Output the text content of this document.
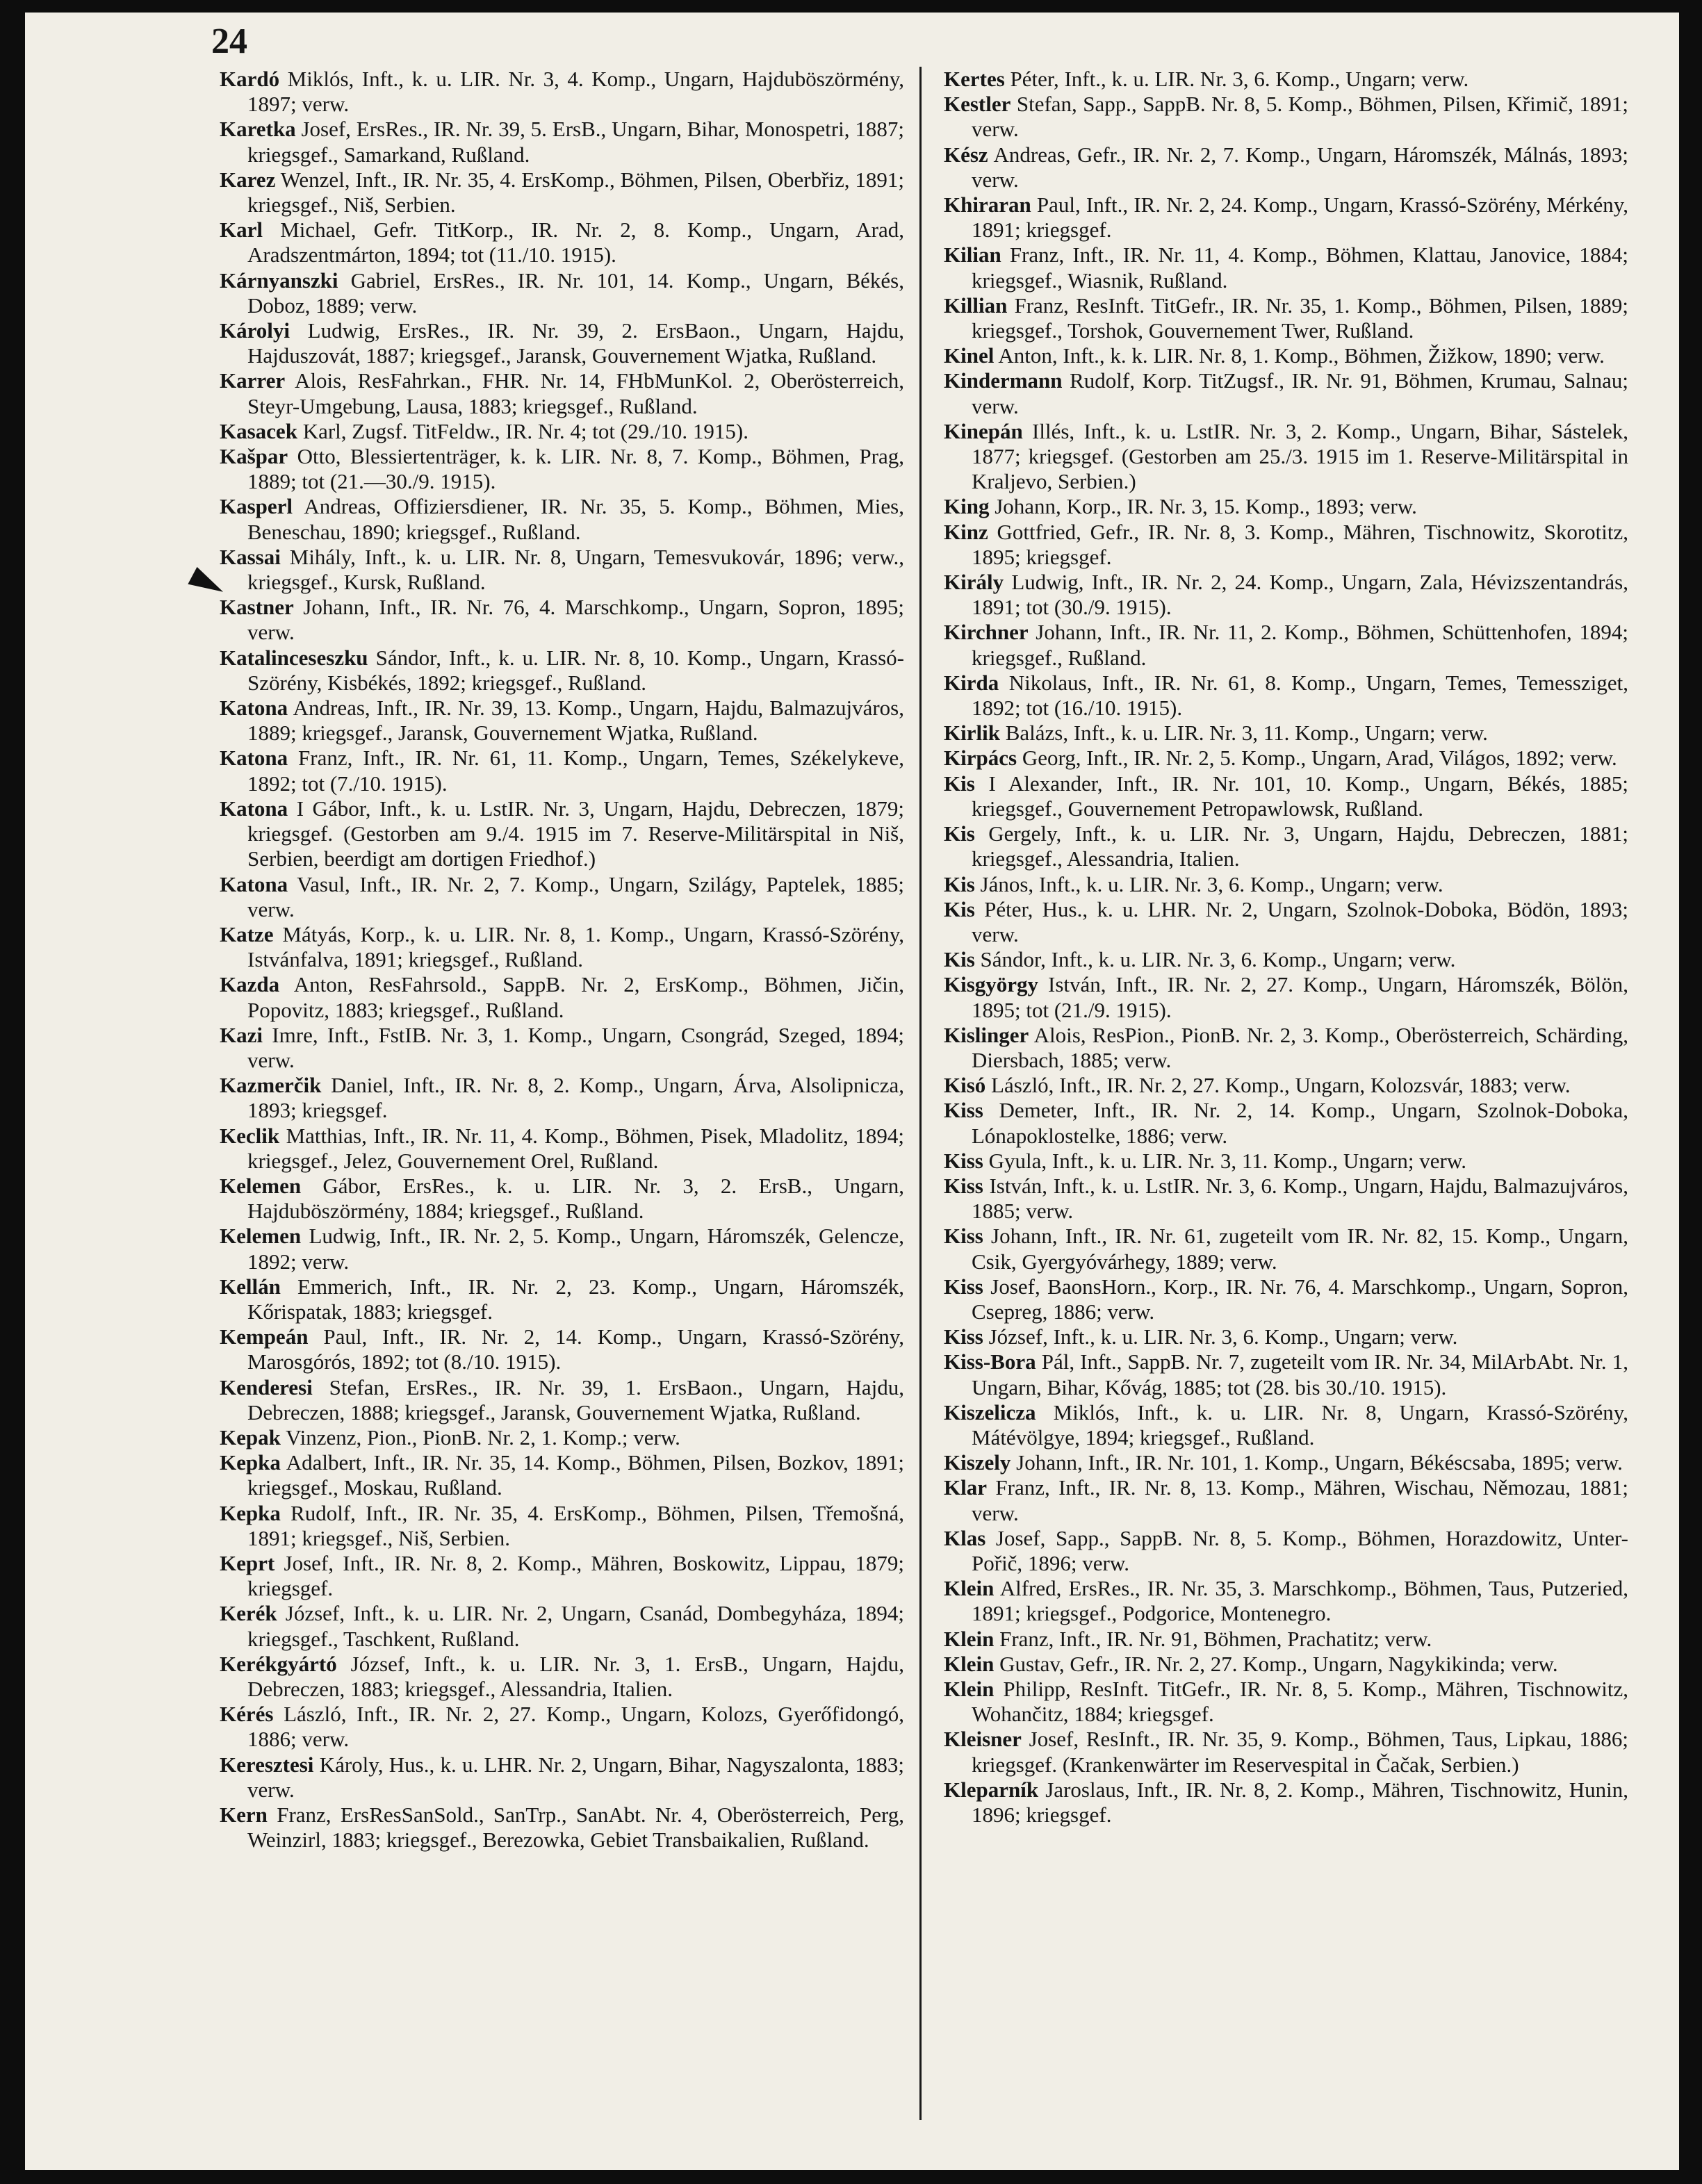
24

Kardó Miklós, Inft., k. u. LIR. Nr. 3, 4. Komp., Ungarn, Hajduböszörmény, 1897; verw.

Karetka Josef, ErsRes., IR. Nr. 39, 5. ErsB., Ungarn, Bihar, Monospetri, 1887; kriegsgef., Samarkand, Rußland.

Karez Wenzel, Inft., IR. Nr. 35, 4. ErsKomp., Böhmen, Pilsen, Oberbřiz, 1891; kriegsgef., Niš, Serbien.

Karl Michael, Gefr. TitKorp., IR. Nr. 2, 8. Komp., Ungarn, Arad, Aradszentmárton, 1894; tot (11./10. 1915).

Kárnyanszki Gabriel, ErsRes., IR. Nr. 101, 14. Komp., Ungarn, Békés, Doboz, 1889; verw.

Károlyi Ludwig, ErsRes., IR. Nr. 39, 2. ErsBaon., Ungarn, Hajdu, Hajduszovát, 1887; kriegsgef., Jaransk, Gouvernement Wjatka, Rußland.

Karrer Alois, ResFahrkan., FHR. Nr. 14, FHbMunKol. 2, Oberösterreich, Steyr-Umgebung, Lausa, 1883; kriegsgef., Rußland.

Kasacek Karl, Zugsf. TitFeldw., IR. Nr. 4; tot (29./10. 1915).

Kašpar Otto, Blessiertenträger, k. k. LIR. Nr. 8, 7. Komp., Böhmen, Prag, 1889; tot (21.—30./9. 1915).

Kasperl Andreas, Offiziersdiener, IR. Nr. 35, 5. Komp., Böhmen, Mies, Beneschau, 1890; kriegsgef., Rußland.

Kassai Mihály, Inft., k. u. LIR. Nr. 8, Ungarn, Temesvukovár, 1896; verw., kriegsgef., Kursk, Rußland.

Kastner Johann, Inft., IR. Nr. 76, 4. Marschkomp., Ungarn, Sopron, 1895; verw.

Katalinceseszku Sándor, Inft., k. u. LIR. Nr. 8, 10. Komp., Ungarn, Krassó-Szörény, Kisbékés, 1892; kriegsgef., Rußland.

Katona Andreas, Inft., IR. Nr. 39, 13. Komp., Ungarn, Hajdu, Balmazujváros, 1889; kriegsgef., Jaransk, Gouvernement Wjatka, Rußland.

Katona Franz, Inft., IR. Nr. 61, 11. Komp., Ungarn, Temes, Székelykeve, 1892; tot (7./10. 1915).

Katona I Gábor, Inft., k. u. LstIR. Nr. 3, Ungarn, Hajdu, Debreczen, 1879; kriegsgef. (Gestorben am 9./4. 1915 im 7. Reserve-Militärspital in Niš, Serbien, beerdigt am dortigen Friedhof.)

Katona Vasul, Inft., IR. Nr. 2, 7. Komp., Ungarn, Szilágy, Paptelek, 1885; verw.

Katze Mátyás, Korp., k. u. LIR. Nr. 8, 1. Komp., Ungarn, Krassó-Szörény, Istvánfalva, 1891; kriegsgef., Rußland.

Kazda Anton, ResFahrsold., SappB. Nr. 2, ErsKomp., Böhmen, Jičin, Popovitz, 1883; kriegsgef., Rußland.

Kazi Imre, Inft., FstIB. Nr. 3, 1. Komp., Ungarn, Csongrád, Szeged, 1894; verw.

Kazmerčik Daniel, Inft., IR. Nr. 8, 2. Komp., Ungarn, Árva, Alsolipnicza, 1893; kriegsgef.

Keclik Matthias, Inft., IR. Nr. 11, 4. Komp., Böhmen, Pisek, Mladolitz, 1894; kriegsgef., Jelez, Gouvernement Orel, Rußland.

Kelemen Gábor, ErsRes., k. u. LIR. Nr. 3, 2. ErsB., Ungarn, Hajduböszörmény, 1884; kriegsgef., Rußland.

Kelemen Ludwig, Inft., IR. Nr. 2, 5. Komp., Ungarn, Háromszék, Gelencze, 1892; verw.

Kellán Emmerich, Inft., IR. Nr. 2, 23. Komp., Ungarn, Háromszék, Kőrispatak, 1883; kriegsgef.

Kempeán Paul, Inft., IR. Nr. 2, 14. Komp., Ungarn, Krassó-Szörény, Marosgórós, 1892; tot (8./10. 1915).

Kenderesi Stefan, ErsRes., IR. Nr. 39, 1. ErsBaon., Ungarn, Hajdu, Debreczen, 1888; kriegsgef., Jaransk, Gouvernement Wjatka, Rußland.

Kepak Vinzenz, Pion., PionB. Nr. 2, 1. Komp.; verw.

Kepka Adalbert, Inft., IR. Nr. 35, 14. Komp., Böhmen, Pilsen, Bozkov, 1891; kriegsgef., Moskau, Rußland.

Kepka Rudolf, Inft., IR. Nr. 35, 4. ErsKomp., Böhmen, Pilsen, Třemošná, 1891; kriegsgef., Niš, Serbien.

Keprt Josef, Inft., IR. Nr. 8, 2. Komp., Mähren, Boskowitz, Lippau, 1879; kriegsgef.

Kerék József, Inft., k. u. LIR. Nr. 2, Ungarn, Csanád, Dombegyháza, 1894; kriegsgef., Taschkent, Rußland.

Kerékgyártó József, Inft., k. u. LIR. Nr. 3, 1. ErsB., Ungarn, Hajdu, Debreczen, 1883; kriegsgef., Alessandria, Italien.

Kérés László, Inft., IR. Nr. 2, 27. Komp., Ungarn, Kolozs, Gyerőfidongó, 1886; verw.

Keresztesi Károly, Hus., k. u. LHR. Nr. 2, Ungarn, Bihar, Nagyszalonta, 1883; verw.

Kern Franz, ErsResSanSold., SanTrp., SanAbt. Nr. 4, Oberösterreich, Perg, Weinzirl, 1883; kriegsgef., Berezowka, Gebiet Transbaikalien, Rußland.

Kertes Péter, Inft., k. u. LIR. Nr. 3, 6. Komp., Ungarn; verw.

Kestler Stefan, Sapp., SappB. Nr. 8, 5. Komp., Böhmen, Pilsen, Křimič, 1891; verw.

Kész Andreas, Gefr., IR. Nr. 2, 7. Komp., Ungarn, Háromszék, Málnás, 1893; verw.

Khiraran Paul, Inft., IR. Nr. 2, 24. Komp., Ungarn, Krassó-Szörény, Mérkény, 1891; kriegsgef.

Kilian Franz, Inft., IR. Nr. 11, 4. Komp., Böhmen, Klattau, Janovice, 1884; kriegsgef., Wiasnik, Rußland.

Killian Franz, ResInft. TitGefr., IR. Nr. 35, 1. Komp., Böhmen, Pilsen, 1889; kriegsgef., Torshok, Gouvernement Twer, Rußland.

Kinel Anton, Inft., k. k. LIR. Nr. 8, 1. Komp., Böhmen, Žižkow, 1890; verw.

Kindermann Rudolf, Korp. TitZugsf., IR. Nr. 91, Böhmen, Krumau, Salnau; verw.

Kinepán Illés, Inft., k. u. LstIR. Nr. 3, 2. Komp., Ungarn, Bihar, Sástelek, 1877; kriegsgef. (Gestorben am 25./3. 1915 im 1. Reserve-Militärspital in Kraljevo, Serbien.)

King Johann, Korp., IR. Nr. 3, 15. Komp., 1893; verw.

Kinz Gottfried, Gefr., IR. Nr. 8, 3. Komp., Mähren, Tischnowitz, Skorotitz, 1895; kriegsgef.

Király Ludwig, Inft., IR. Nr. 2, 24. Komp., Ungarn, Zala, Hévizszentandrás, 1891; tot (30./9. 1915).

Kirchner Johann, Inft., IR. Nr. 11, 2. Komp., Böhmen, Schüttenhofen, 1894; kriegsgef., Rußland.

Kirda Nikolaus, Inft., IR. Nr. 61, 8. Komp., Ungarn, Temes, Temessziget, 1892; tot (16./10. 1915).

Kirlik Balázs, Inft., k. u. LIR. Nr. 3, 11. Komp., Ungarn; verw.

Kirpács Georg, Inft., IR. Nr. 2, 5. Komp., Ungarn, Arad, Világos, 1892; verw.

Kis I Alexander, Inft., IR. Nr. 101, 10. Komp., Ungarn, Békés, 1885; kriegsgef., Gouvernement Petropawlowsk, Rußland.

Kis Gergely, Inft., k. u. LIR. Nr. 3, Ungarn, Hajdu, Debreczen, 1881; kriegsgef., Alessandria, Italien.

Kis János, Inft., k. u. LIR. Nr. 3, 6. Komp., Ungarn; verw.

Kis Péter, Hus., k. u. LHR. Nr. 2, Ungarn, Szolnok-Doboka, Bödön, 1893; verw.

Kis Sándor, Inft., k. u. LIR. Nr. 3, 6. Komp., Ungarn; verw.

Kisgyörgy István, Inft., IR. Nr. 2, 27. Komp., Ungarn, Háromszék, Bölön, 1895; tot (21./9. 1915).

Kislinger Alois, ResPion., PionB. Nr. 2, 3. Komp., Oberösterreich, Schärding, Diersbach, 1885; verw.

Kisó László, Inft., IR. Nr. 2, 27. Komp., Ungarn, Kolozsvár, 1883; verw.

Kiss Demeter, Inft., IR. Nr. 2, 14. Komp., Ungarn, Szolnok-Doboka, Lónapoklostelke, 1886; verw.

Kiss Gyula, Inft., k. u. LIR. Nr. 3, 11. Komp., Ungarn; verw.

Kiss István, Inft., k. u. LstIR. Nr. 3, 6. Komp., Ungarn, Hajdu, Balmazujváros, 1885; verw.

Kiss Johann, Inft., IR. Nr. 61, zugeteilt vom IR. Nr. 82, 15. Komp., Ungarn, Csik, Gyergyóvárhegy, 1889; verw.

Kiss Josef, BaonsHorn., Korp., IR. Nr. 76, 4. Marschkomp., Ungarn, Sopron, Csepreg, 1886; verw.

Kiss József, Inft., k. u. LIR. Nr. 3, 6. Komp., Ungarn; verw.

Kiss-Bora Pál, Inft., SappB. Nr. 7, zugeteilt vom IR. Nr. 34, MilArbAbt. Nr. 1, Ungarn, Bihar, Kővág, 1885; tot (28. bis 30./10. 1915).

Kiszelicza Miklós, Inft., k. u. LIR. Nr. 8, Ungarn, Krassó-Szörény, Mátévölgye, 1894; kriegsgef., Rußland.

Kiszely Johann, Inft., IR. Nr. 101, 1. Komp., Ungarn, Békéscsaba, 1895; verw.

Klar Franz, Inft., IR. Nr. 8, 13. Komp., Mähren, Wischau, Němozau, 1881; verw.

Klas Josef, Sapp., SappB. Nr. 8, 5. Komp., Böhmen, Horazdowitz, Unter-Pořič, 1896; verw.

Klein Alfred, ErsRes., IR. Nr. 35, 3. Marschkomp., Böhmen, Taus, Putzeried, 1891; kriegsgef., Podgorice, Montenegro.

Klein Franz, Inft., IR. Nr. 91, Böhmen, Prachatitz; verw.

Klein Gustav, Gefr., IR. Nr. 2, 27. Komp., Ungarn, Nagykikinda; verw.

Klein Philipp, ResInft. TitGefr., IR. Nr. 8, 5. Komp., Mähren, Tischnowitz, Wohančitz, 1884; kriegsgef.

Kleisner Josef, ResInft., IR. Nr. 35, 9. Komp., Böhmen, Taus, Lipkau, 1886; kriegsgef. (Krankenwärter im Reservespital in Čačak, Serbien.)

Kleparník Jaroslaus, Inft., IR. Nr. 8, 2. Komp., Mähren, Tischnowitz, Hunin, 1896; kriegsgef.
